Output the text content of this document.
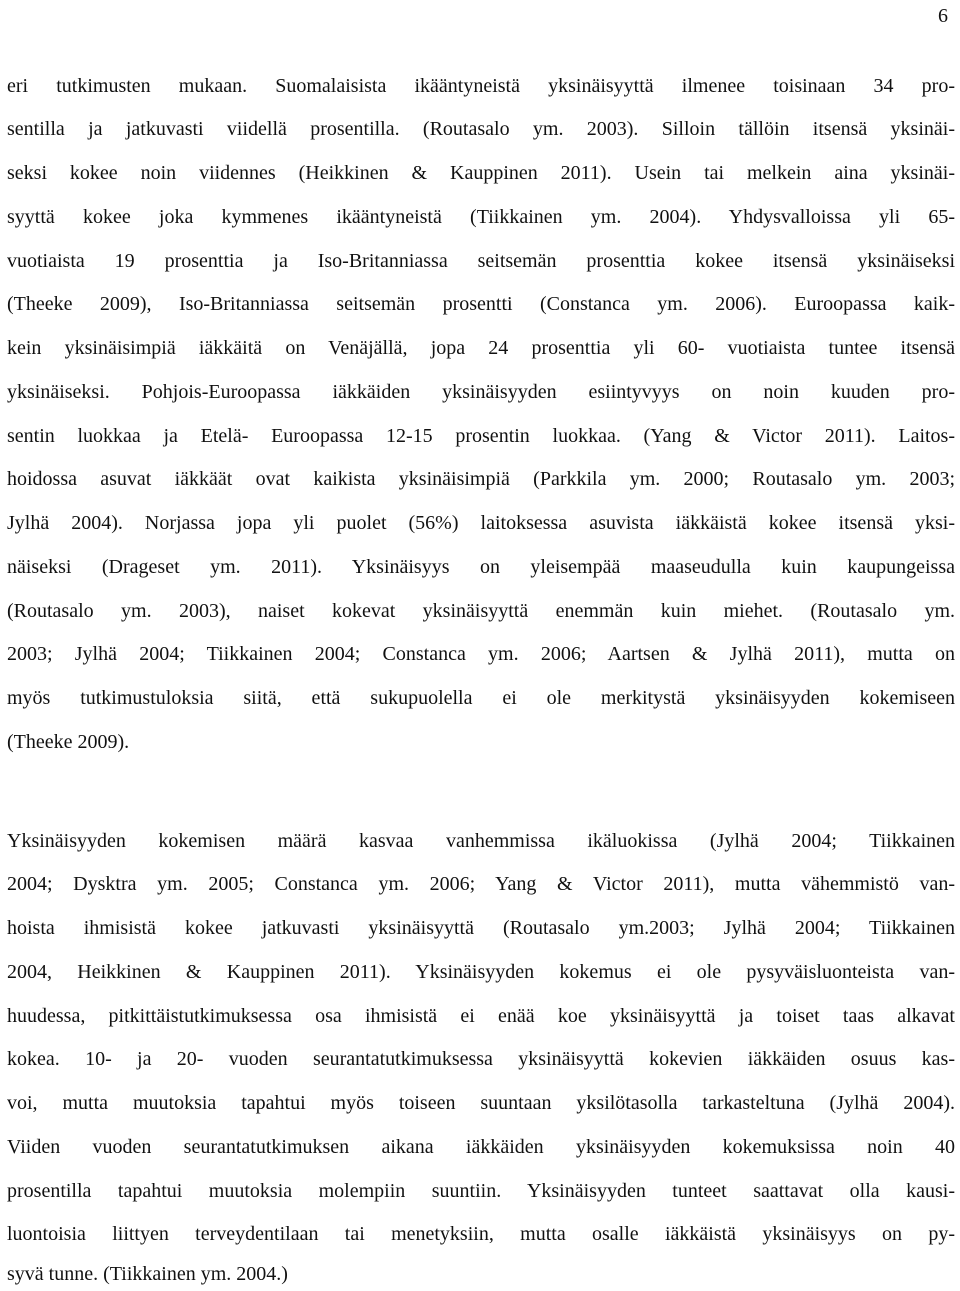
6
eri tutkimusten mukaan. Suomalaisista ikääntyneistä yksinäisyyttä ilmenee toisinaan 34 pro-
sentilla ja jatkuvasti viidellä prosentilla. (Routasalo ym. 2003). Silloin tällöin itsensä yksinäi-
seksi kokee noin viidennes (Heikkinen & Kauppinen 2011). Usein tai melkein aina yksinäi-
syyttä kokee joka kymmenes ikääntyneistä (Tiikkainen ym. 2004). Yhdysvalloissa yli 65-
vuotiaista 19 prosenttia ja Iso-Britanniassa seitsemän prosenttia kokee itsensä yksinäiseksi
(Theeke 2009), Iso-Britanniassa seitsemän prosentti (Constanca ym. 2006). Euroopassa kaik-
kein yksinäisimpiä iäkkäitä on Venäjällä, jopa 24 prosenttia yli 60- vuotiaista tuntee itsensä
yksinäiseksi. Pohjois-Euroopassa iäkkäiden yksinäisyyden esiintyvyys on noin kuuden pro-
sentin luokkaa ja Etelä- Euroopassa 12-15 prosentin luokkaa. (Yang & Victor 2011). Laitos-
hoidossa asuvat iäkkäät ovat kaikista yksinäisimpiä (Parkkila ym. 2000; Routasalo ym. 2003;
Jylhä 2004). Norjassa jopa yli puolet (56%) laitoksessa asuvista iäkkäistä kokee itsensä yksi-
näiseksi (Drageset ym. 2011). Yksinäisyys on yleisempää maaseudulla kuin kaupungeissa
(Routasalo ym. 2003), naiset kokevat yksinäisyyttä enemmän kuin miehet. (Routasalo ym.
2003; Jylhä 2004; Tiikkainen 2004; Constanca ym. 2006; Aartsen & Jylhä 2011), mutta on
myös tutkimustuloksia siitä, että sukupuolella ei ole merkitystä yksinäisyyden kokemiseen
(Theeke 2009).
Yksinäisyyden kokemisen määrä kasvaa vanhemmissa ikäluokissa (Jylhä 2004; Tiikkainen
2004; Dysktra ym. 2005; Constanca ym. 2006; Yang & Victor 2011), mutta vähemmistö van-
hoista ihmisistä kokee jatkuvasti yksinäisyyttä (Routasalo ym.2003; Jylhä 2004; Tiikkainen
2004, Heikkinen & Kauppinen 2011). Yksinäisyyden kokemus ei ole pysyväisluonteista van-
huudessa, pitkittäistutkimuksessa osa ihmisistä ei enää koe yksinäisyyttä ja toiset taas alkavat
kokea. 10- ja 20- vuoden seurantatutkimuksessa yksinäisyyttä kokevien iäkkäiden osuus kas-
voi, mutta muutoksia tapahtui myös toiseen suuntaan yksilötasolla tarkasteltuna (Jylhä 2004).
Viiden vuoden seurantatutkimuksen aikana iäkkäiden yksinäisyyden kokemuksissa noin 40
prosentilla tapahtui muutoksia molempiin suuntiin. Yksinäisyyden tunteet saattavat olla kausi-
luontoisia liittyen terveydentilaan tai menetyksiin, mutta osalle iäkkäistä yksinäisyys on py-
syvä tunne. (Tiikkainen ym. 2004.)
